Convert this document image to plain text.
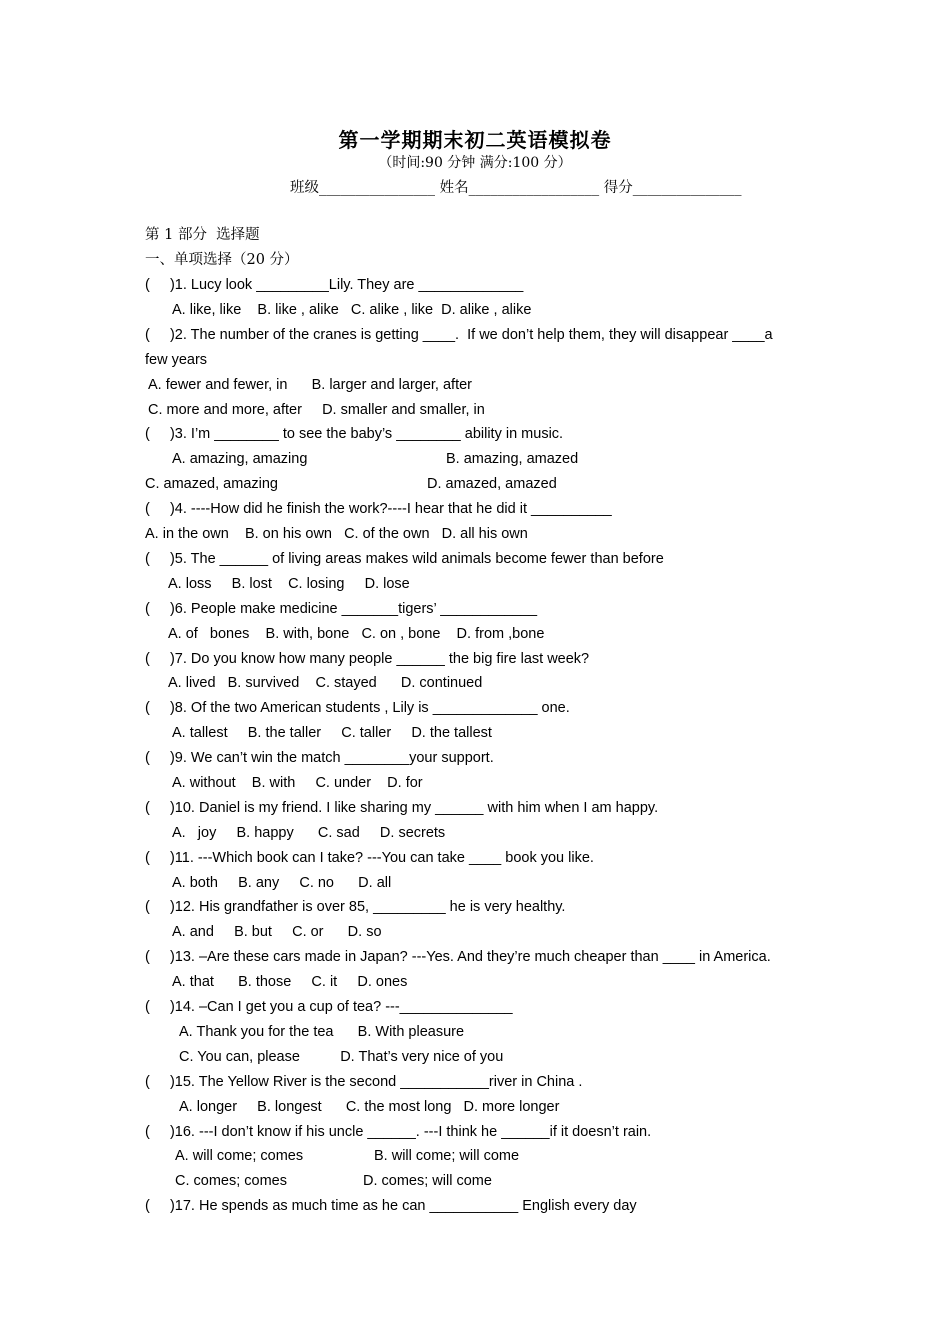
第一学期期末初二英语模拟卷
（时间:90 分钟 满分:100 分）
班级________________ 姓名__________________ 得分_______________
第 1 部分  选择题
一、单项选择（20 分）
(     )1. Lucy look _________Lily. They are _____________
A. like, like    B. like , alike   C. alike , like  D. alike , alike
(     )2. The number of the cranes is getting ____.  If we don’t help them, they will disappear ____a
few years
A. fewer and fewer, in      B. larger and larger, after
C. more and more, after     D. smaller and smaller, in
(     )3. I’m ________ to see the baby’s ________ ability in music.
A. amazing, amazing	B. amazing, amazed
C. amazed, amazing	D. amazed, amazed
(     )4. ----How did he finish the work?----I hear that he did it __________
A. in the own    B. on his own   C. of the own   D. all his own
(     )5. The ______ of living areas makes wild animals become fewer than before
A. loss     B. lost    C. losing     D. lose
(     )6. People make medicine _______tigers’ ____________
A. of   bones    B. with, bone   C. on , bone    D. from ,bone
(     )7. Do you know how many people ______ the big fire last week?
A. lived   B. survived    C. stayed      D. continued
(     )8. Of the two American students , Lily is _____________ one.
A. tallest     B. the taller     C. taller     D. the tallest
(     )9. We can’t win the match ________your support.
A. without    B. with     C. under    D. for
(     )10. Daniel is my friend. I like sharing my ______ with him when I am happy.
A.   joy     B. happy      C. sad     D. secrets
(     )11. ---Which book can I take? ---You can take ____ book you like.
A. both     B. any     C. no      D. all
(     )12. His grandfather is over 85, _________ he is very healthy.
A. and     B. but     C. or      D. so
(     )13. –Are these cars made in Japan? ---Yes. And they’re much cheaper than ____ in America.
A. that      B. those     C. it     D. ones
(     )14. –Can I get you a cup of tea? ---______________
A. Thank you for the tea      B. With pleasure
C. You can, please          D. That’s very nice of you
(     )15. The Yellow River is the second ___________river in China .
A. longer     B. longest      C. the most long   D. more longer
(     )16. ---I don’t know if his uncle ______. ---I think he ______if it doesn’t rain.
A. will come; comes	B. will come; will come
C. comes; comes	D. comes; will come
(     )17. He spends as much time as he can ___________ English every day
